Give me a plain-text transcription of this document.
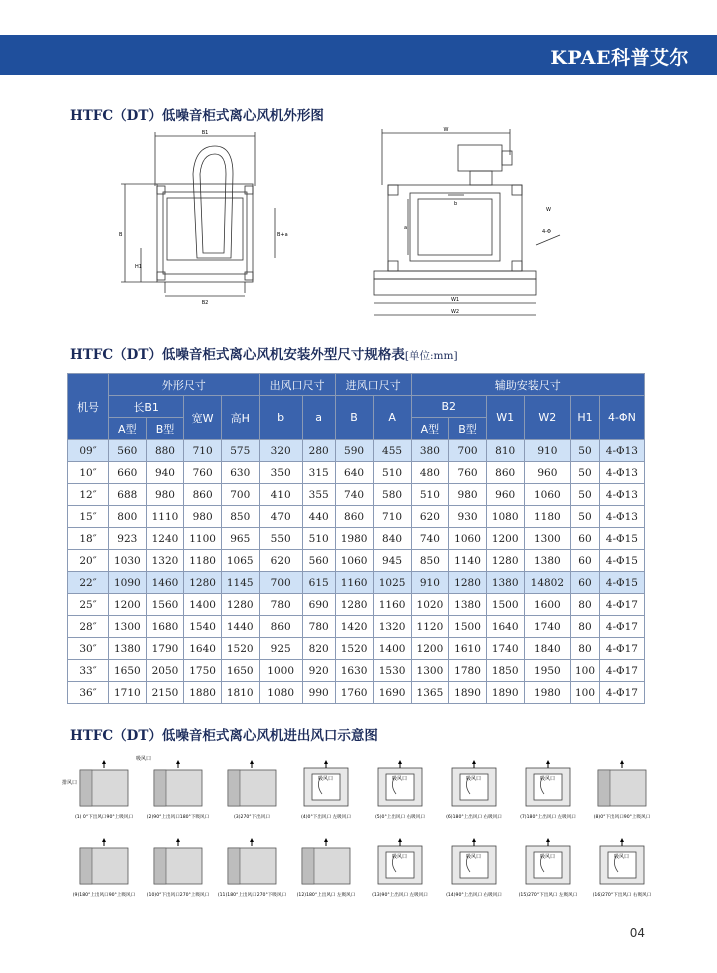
KPAE科普艾尔
HTFC（DT）低噪音柜式离心风机外形图
B1
B
H1
B2
B+a
W
W
a
b
4-Φ
W1
W2
HTFC（DT）低噪音柜式离心风机安装外型尺寸规格表[单位:mm]
机号	外形尺寸				出风口尺寸		进风口尺寸		辅助安装尺寸					
	长B1		宽W	高H	b	a	B	A	B2		W1	W2	H1	4-ΦN
	A型	B型							A型	B型				
09″	560	880	710	575	320	280	590	455	380	700	810	910	50	4-Φ13
10″	660	940	760	630	350	315	640	510	480	760	860	960	50	4-Φ13
12″	688	980	860	700	410	355	740	580	510	980	960	1060	50	4-Φ13
15″	800	1110	980	850	470	440	860	710	620	930	1080	1180	50	4-Φ13
18″	923	1240	1100	965	550	510	1980	840	740	1060	1200	1300	60	4-Φ15
20″	1030	1320	1180	1065	620	560	1060	945	850	1140	1280	1380	60	4-Φ15
22″	1090	1460	1280	1145	700	615	1160	1025	910	1280	1380	14802	60	4-Φ15
25″	1200	1560	1400	1280	780	690	1280	1160	1020	1380	1500	1600	80	4-Φ17
28″	1300	1680	1540	1440	860	780	1420	1320	1120	1500	1640	1740	80	4-Φ17
30″	1380	1790	1640	1520	925	820	1520	1400	1200	1610	1740	1840	80	4-Φ17
33″	1650	2050	1750	1650	1000	920	1630	1530	1300	1780	1850	1950	100	4-Φ17
36″	1710	2150	1880	1810	1080	990	1760	1690	1365	1890	1890	1980	100	4-Φ17
HTFC（DT）低噪音柜式离心风机进出风口示意图
(1) 0°下出风口90°上吸风口	(2)90°上出风口180°下吸风口	(3)270°下出风口
吸风口
(4)0°下出风口 左吸风口
吸风口
(5)0°上出风口 右吸风口
吸风口
(6)180°上出风口 右吸风口
吸风口
(7)180°上出风口 左吸风口	(8)0°下出风口90°上吸风口
(9)180°上出风口90°上吸风口	(10)0°下出风口270°上吸风口 (11)180°上出风口270°下吸风口 (12)180°上出风口 左吸风口
吸风口
(13)90°上出风口 左吸风口
吸风口
(14)90°上出风口 右吸风口
吸风口
(15)270°下出风口 左吸风口
吸风口
(16)270°下出风口 右吸风口
吸风口
排风口
04
